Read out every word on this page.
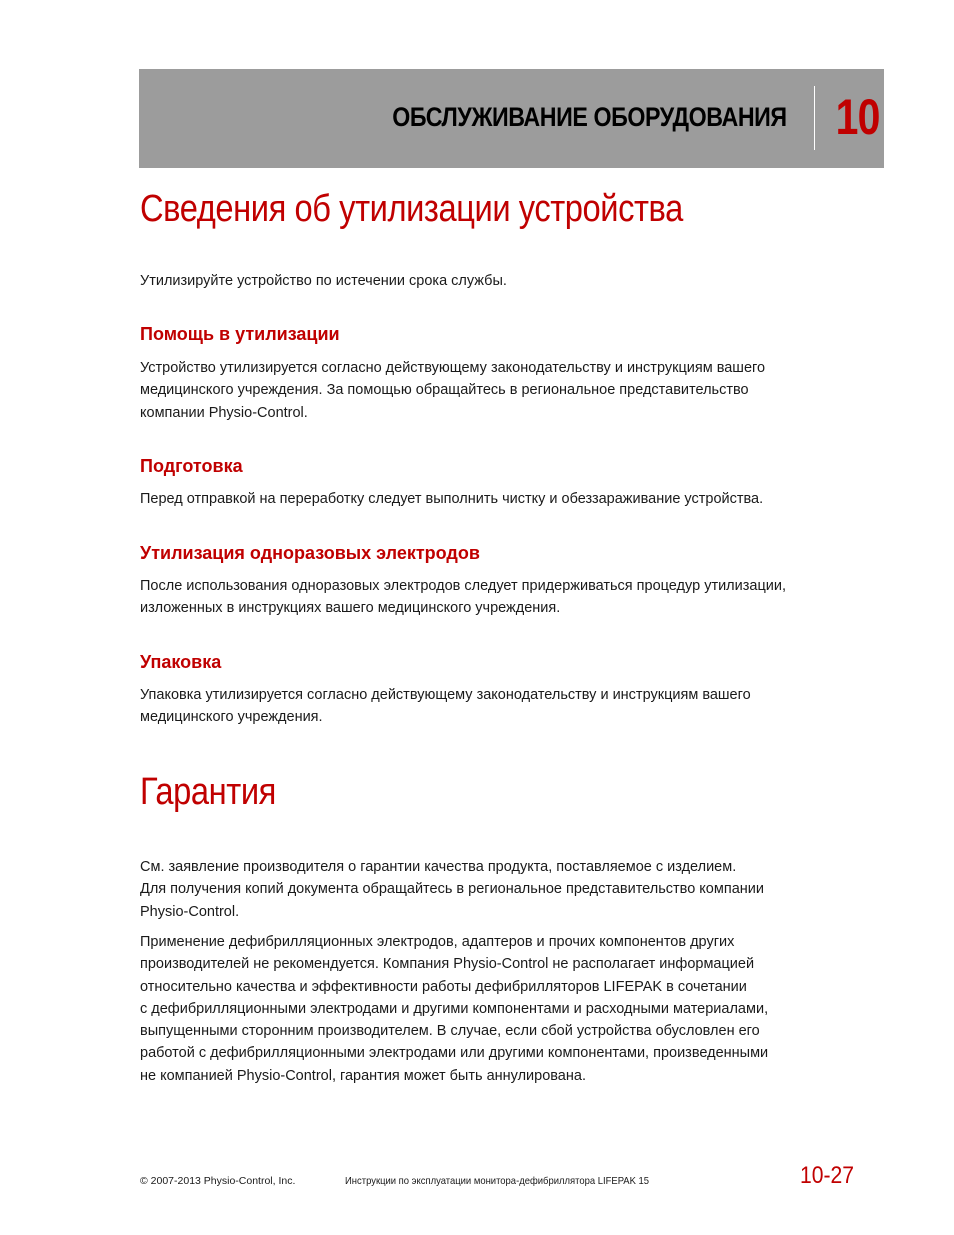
ОБСЛУЖИВАНИЕ ОБОРУДОВАНИЯ 10
Сведения об утилизации устройства

Утилизируйте устройство по истечении срока службы.

Помощь в утилизации
Устройство утилизируется согласно действующему законодательству и инструкциям вашего
медицинского учреждения. За помощью обращайтесь в региональное представительство
компании Physio-Control.
Подготовка
Перед отправкой на переработку следует выполнить чистку и обеззараживание устройства.
Утилизация одноразовых электродов
После использования одноразовых электродов следует придерживаться процедур утилизации,
изложенных в инструкциях вашего медицинского учреждения.
Упаковка
Упаковка утилизируется согласно действующему законодательству и инструкциям вашего
медицинского учреждения.
Гарантия
См. заявление производителя о гарантии качества продукта, поставляемое с изделием.
Для получения копий документа обращайтесь в региональное представительство компании
Physio-Control.
Применение дефибрилляционных электродов, адаптеров и прочих компонентов других
производителей не рекомендуется. Компания Physio-Control не располагает информацией
относительно качества и эффективности работы дефибрилляторов LIFEPAK в сочетании
с дефибрилляционными электродами и другими компонентами и расходными материалами,
выпущенными сторонним производителем. В случае, если сбой устройства обусловлен его
работой с дефибрилляционными электродами или другими компонентами, произведенными
не компанией Physio-Control, гарантия может быть аннулирована.
© 2007-2013 Physio-Control, Inc.	Инструкции по эксплуатации монитора-дефибриллятора LIFEPAK 15	10-27
